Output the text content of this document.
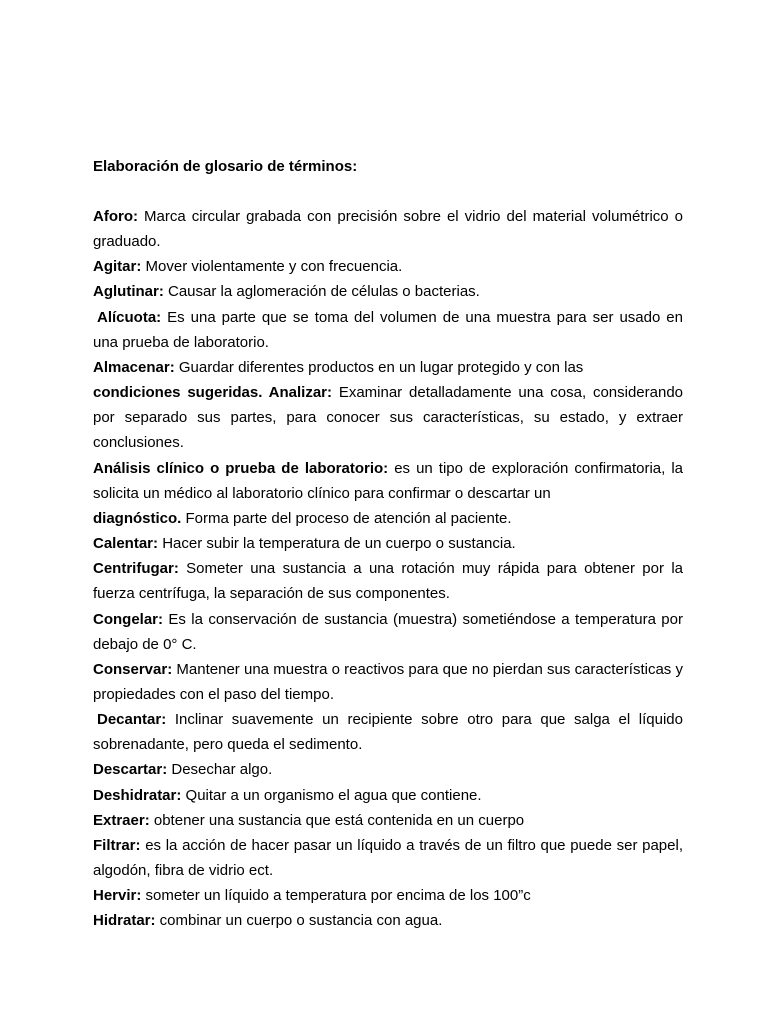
Elaboración de glosario de términos:

Aforo: Marca circular grabada con precisión sobre el vidrio del material volumétrico o graduado.

Agitar: Mover violentamente y con frecuencia.

Aglutinar: Causar la aglomeración de células o bacterias.

Alícuota: Es una parte que se toma del volumen de una muestra para ser usado en una prueba de laboratorio.

Almacenar: Guardar diferentes productos en un lugar protegido y con las
condiciones sugeridas. Analizar: Examinar detalladamente una cosa, considerando por separado sus partes, para conocer sus características, su estado, y extraer conclusiones.

Análisis clínico o prueba de laboratorio: es un tipo de exploración confirmatoria, la solicita un médico al laboratorio clínico para confirmar o descartar un
diagnóstico. Forma parte del proceso de atención al paciente.

Calentar: Hacer subir la temperatura de un cuerpo o sustancia.

Centrifugar: Someter una sustancia a una rotación muy rápida para obtener por la fuerza centrífuga, la separación de sus componentes.

Congelar: Es la conservación de sustancia (muestra) sometiéndose a temperatura por debajo de 0° C.

Conservar: Mantener una muestra o reactivos para que no pierdan sus características y propiedades con el paso del tiempo.

Decantar: Inclinar suavemente un recipiente sobre otro para que salga el líquido sobrenadante, pero queda el sedimento.

Descartar: Desechar algo.

Deshidratar: Quitar a un organismo el agua que contiene.

Extraer: obtener una sustancia que está contenida en un cuerpo

Filtrar: es la acción de hacer pasar un líquido a través de un filtro que puede ser papel, algodón, fibra de vidrio ect.

Hervir: someter un líquido a temperatura por encima de los 100”c

Hidratar: combinar un cuerpo o sustancia con agua.
